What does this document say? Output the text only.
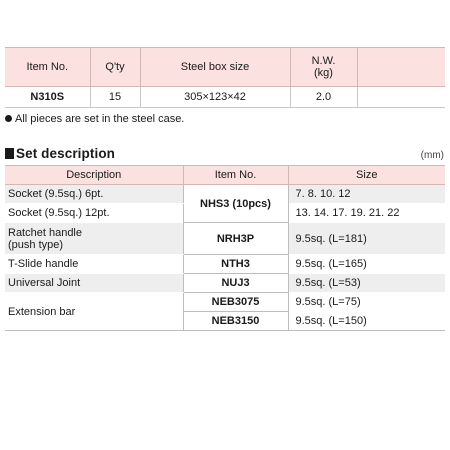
Item No.	Q'ty	Steel box size	N.W.
(kg)	

N310S	15	305×123×42	2.0	
All pieces are set in the steel case.
Set description	(mm)
Description	Item No.	Size
Socket (9.5sq.) 6pt.	NHS3 (10pcs)	7. 8. 10. 12
Socket (9.5sq.) 12pt.		13. 14. 17. 19. 21. 22

Ratchet handle
(push type)	NRH3P	9.5sq. (L=181)
T-Slide handle	NTH3	9.5sq. (L=165)
Universal Joint	NUJ3	9.5sq. (L=53)
Extension bar	NEB3075	9.5sq. (L=75)
	NEB3150	9.5sq. (L=150)
